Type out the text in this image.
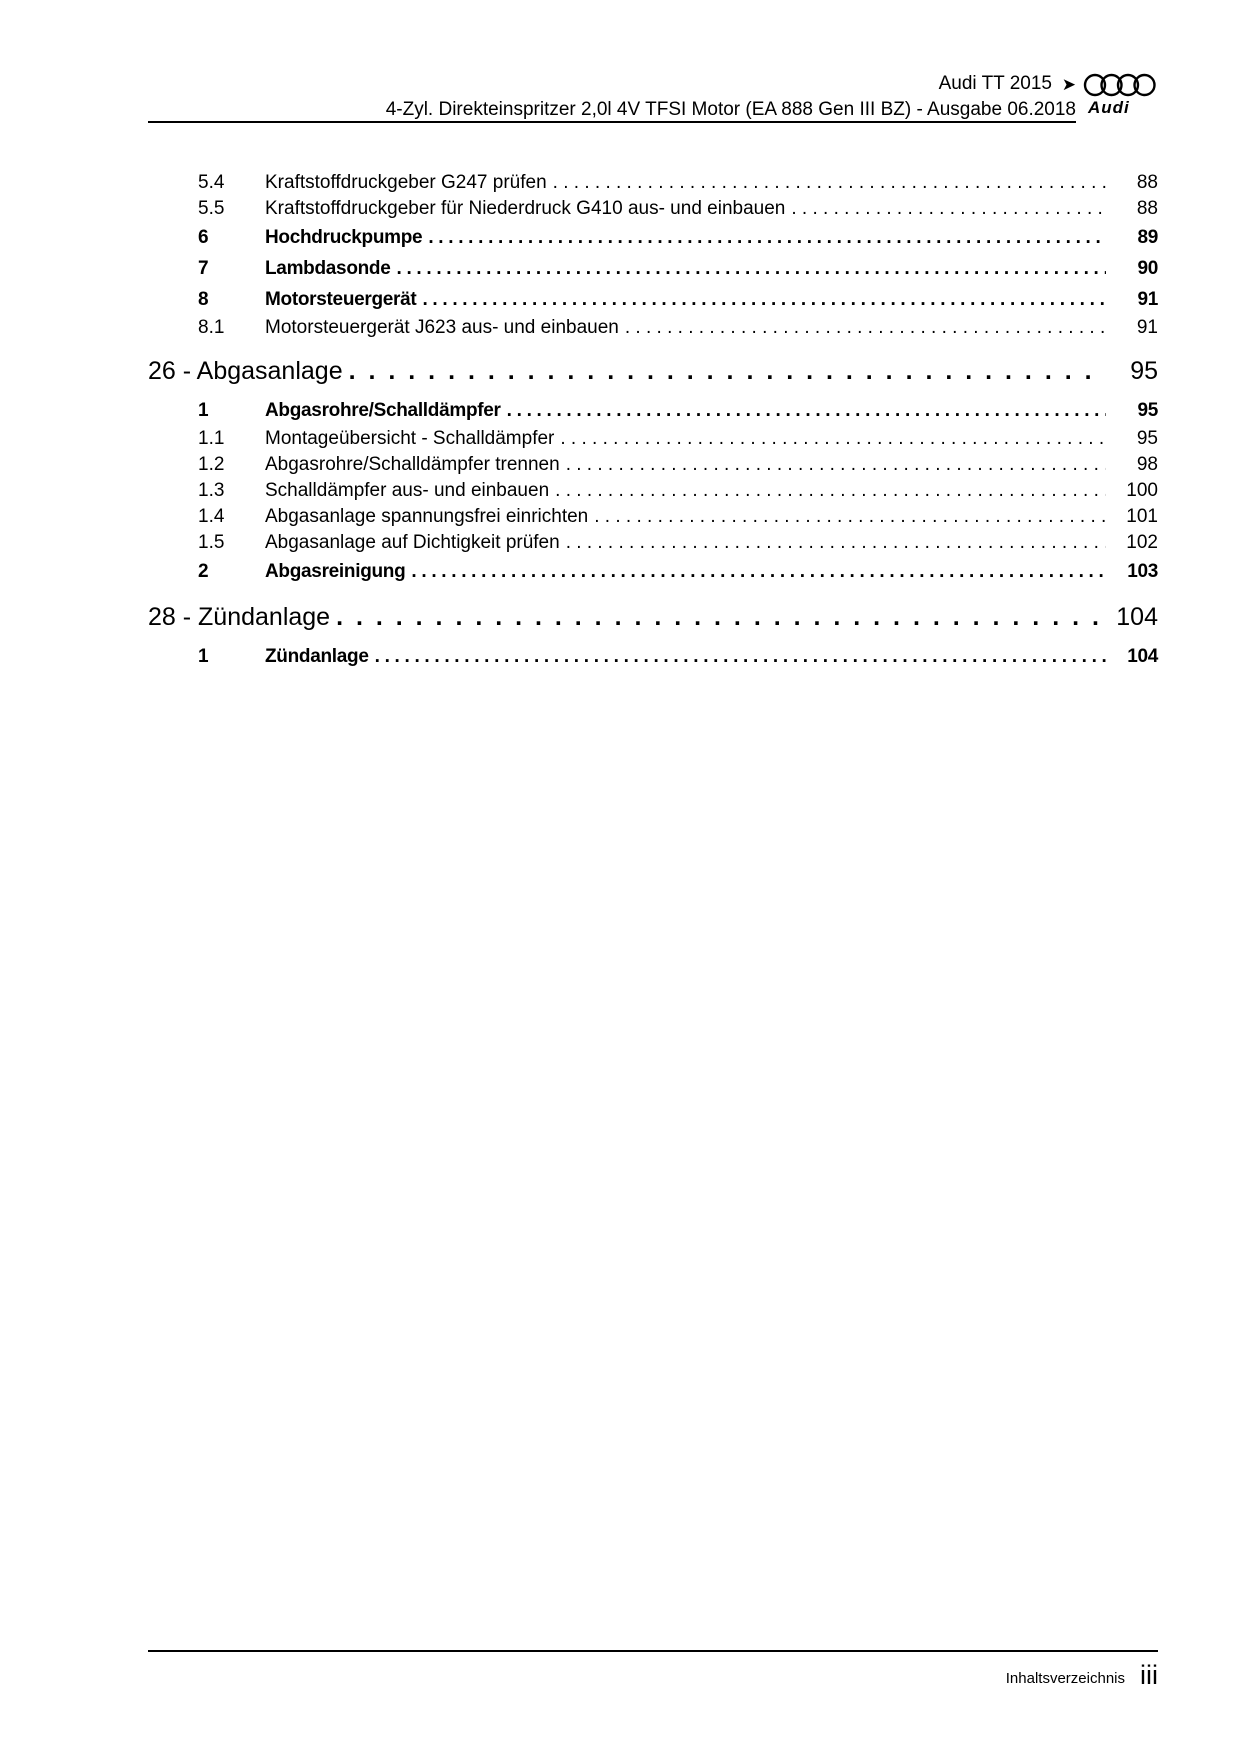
Audi TT 2015 ➤
4-Zyl. Direkteinspritzer 2,0l 4V TFSI Motor (EA 888 Gen III BZ) - Ausgabe 06.2018 Audi
5.4 Kraftstoffdruckgeber G247 prüfen . . .	88
5.5 Kraftstoffdruckgeber für Niederdruck G410 aus- und einbauen . . .	88
6	Hochdruckpumpe . . .	89
7	Lambdasonde . . .	90
8	Motorsteuergerät . . .	91
8.1 Motorsteuergerät J623 aus- und einbauen . . .	91
26 - Abgasanlage . . .	95
1	Abgasrohre/Schalldämpfer . . .	95
1.1 Montageübersicht - Schalldämpfer . . .	95
1.2 Abgasrohre/Schalldämpfer trennen . . .	98
1.3 Schalldämpfer aus- und einbauen . . .	100
1.4 Abgasanlage spannungsfrei einrichten . . .	101
1.5 Abgasanlage auf Dichtigkeit prüfen . . .	102
2	Abgasreinigung . . .	103
28 - Zündanlage . . .	104
1	Zündanlage . . .	104
Inhaltsverzeichnis iii
